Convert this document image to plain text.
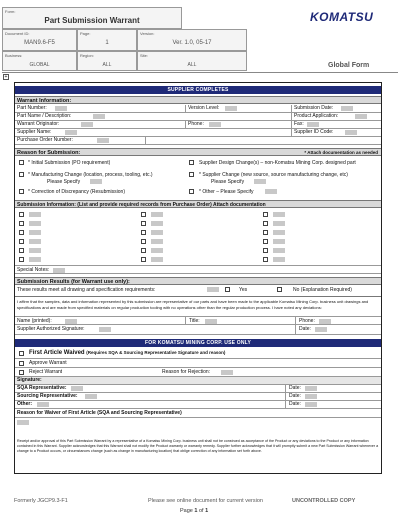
Form:
Part Submission Warrant
Document ID:
MAN9.6-F5
Page:
1
Version:
Ver. 1.0, 05-17
Business:
GLOBAL
Region:
ALL
Site:
ALL
KOMATSU
Global Form
+
SUPPLIER COMPLETES
Warrant Information:
Part Number:	Version Level:	Submission Date:
Part Name / Description:	Product Application:
Warrant Originator:	Phone:	Fax:
Supplier Name:	Supplier ID Code:
Purchase Order Number:
Reason for Submission:	* Attach documentation as needed
* Initial Submission (PO requirement)	Supplier Design Change(s) – non-Komatsu Mining Corp. designed part
* Manufacturing Change (location, process, tooling, etc.)
Please Specify
* Supplier Change (new source, source manufacturing change, etc)
Please Specify
* Correction of Discrepancy (Resubmission)	* Other – Please Specify
Submission Information: (List and provide required records from Purchase Order) Attach documentation
Special Notes:
Submission Results (for Warrant use only):
These results meet all drawing and specification requirements:	Yes	No (Explanation Required)

I affirm that the samples, data and information represented by this submission are representative of our parts and have been made to the applicable Komatsu Mining Corp. business unit drawings and specifications and are made from specified materials on regular production tooling with no operations other than the regular production process. I have noted any deviations:

Name (printed):	Title:	Phone:
Supplier Authorized Signature:	Date:
FOR KOMATSU MINING CORP. USE ONLY
First Article Waived (Requires SQA & Sourcing Representative Signature and reason)
Approve Warrant
Reject Warrant	Reason for Rejection:
Signature:
SQA Representative:	Date:
Sourcing Representative:	Date:
Other:	Date:
Reason for Waiver of First Article (SQA and Sourcing Representative)

Receipt and/or approval of this Part Submission Warrant by a representative of a Komatsu Mining Corp. business unit shall not be construed as acceptance of the Product or any deviations to the Product or any information contained in this Warrant. Supplier acknowledges that this Warrant shall not modify the Product warranty or warranty remedy. Supplier further acknowledges that it will promptly submit a new Part Submission Warrant whenever a change to a Product occurs, or circumstances change (such as change in manufacturing location) that oblige correction of any information set forth above.

Formerly JGCP9.3-F1	Please see online document for current version	UNCONTROLLED COPY
Page 1 of 1
